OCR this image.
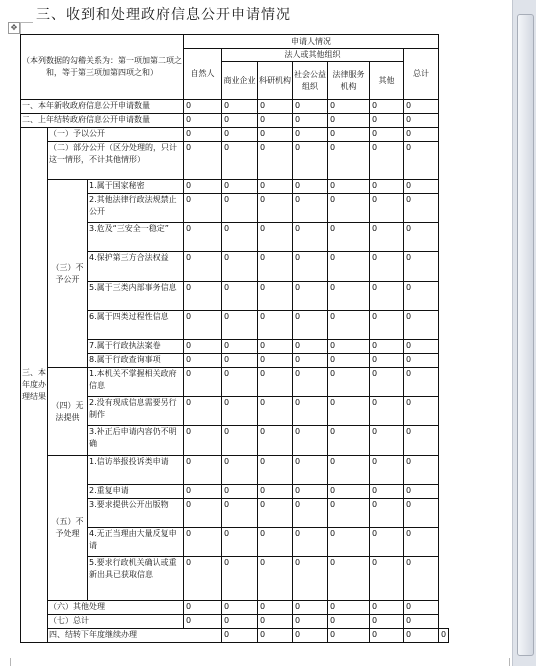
✥
三、收到和处理政府信息公开申请情况
（本列数据的勾稽关系为：第一项加第二项之和，等于第三项加第四项之和）			申请人情况							
			自然人	法人或其他组织					总计	
				商业企业	科研机构	社会公益组织	法律服务机构	其他		
一、本年新收政府信息公开申请数量			0	0	0	0	0	0	0	
二、上年结转政府信息公开申请数量			0	0	0	0	0	0	0	
三、本年度办理结果	（一）予以公开		0	0	0	0	0	0	0	
	（二）部分公开（区分处理的，只计这一情形，不计其他情形）		0	0	0	0	0	0	0	
	（三）不予公开	1.属于国家秘密	0	0	0	0	0	0	0	
		2.其他法律行政法规禁止公开	0	0	0	0	0	0	0	
		3.危及“三安全一稳定”	0	0	0	0	0	0	0	
		4.保护第三方合法权益	0	0	0	0	0	0	0	
		5.属于三类内部事务信息	0	0	0	0	0	0	0	
		6.属于四类过程性信息	0	0	0	0	0	0	0	
		7.属于行政执法案卷	0	0	0	0	0	0	0	
		8.属于行政查询事项	0	0	0	0	0	0	0	
	（四）无法提供	1.本机关不掌握相关政府信息	0	0	0	0	0	0	0	
		2.没有现成信息需要另行制作	0	0	0	0	0	0	0	
		3.补正后申请内容仍不明确	0	0	0	0	0	0	0	
	（五）不予处理	1.信访举报投诉类申请	0	0	0	0	0	0	0	
		2.重复申请	0	0	0	0	0	0	0	
		3.要求提供公开出版物	0	0	0	0	0	0	0	
		4.无正当理由大量反复申请	0	0	0	0	0	0	0	
		5.要求行政机关确认或重新出具已获取信息	0	0	0	0	0	0	0	
	（六）其他处理		0	0	0	0	0	0	0	
	（七）总计		0	0	0	0	0	0	0	
	四、结转下年度继续办理			0	0	0	0	0	0	0
